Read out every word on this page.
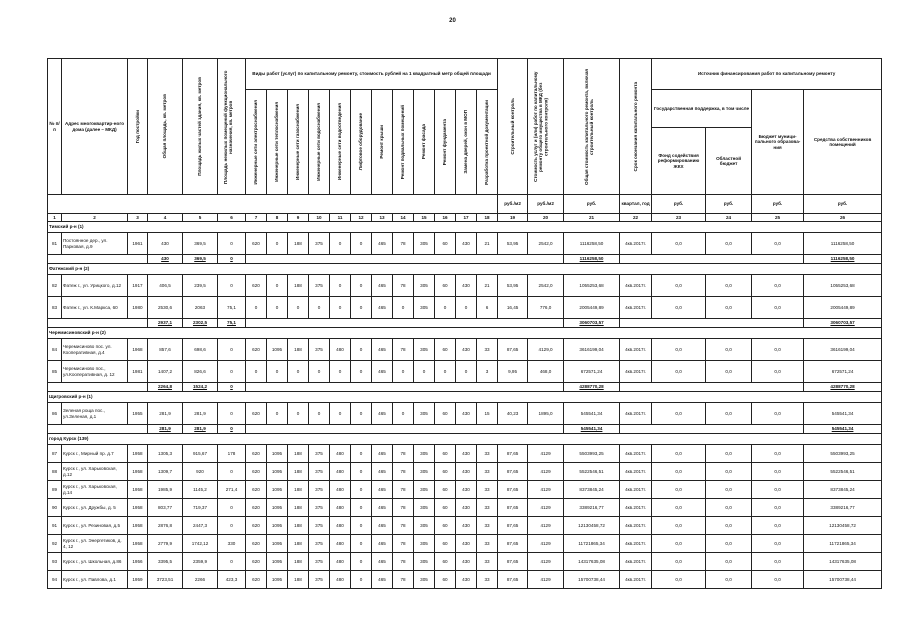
20
№ п/п	Адрес многоквартир-ного дома (далее – МКД)	Год постройки	Общая площадь, кв. метров	Площадь жилых частей здания, кв. метров	Площадь нежилых помещений функционального назначения, кв. метров	Виды работ (услуг) по капитальному ремонту, стоимость рублей на 1 квадратный метр общей площади												Строительный контроль	Стоимость услуг и (или) работ по капитальному ремонту общего имущества в МКД (без строительного контроля)	Общая стоимость капитального ремонта, включая строительный контроль	Срок окончания капитального ремонта	Источник финансирования работ по капитальному ремонту			

						Инженерные сети электроснабжения	Инженерные сети теплоснабжения	Инженерные сети газоснабжения	Инженерные сети водоснабжения	Инженерные сети водоотведения	Лифтовое оборудование	Ремонт крыши	Ремонт подвальных помещений	Ремонт фасада	Ремонт фундамента	Замена дверей, окон в МОП	Разработка проектной документации					Государственная поддержка, в том числе		Бюджет муници-пального образова-ния	Средства собственников помещений
																						Фонд содействия реформированию ЖКХ	Областной бюджет		
																		руб./м2	руб./м2	руб.	квартал, год	руб.	руб.	руб.	руб.
1	2	3	4	5	6	7	8	9	10	11	12	13	14	15	16	17	18	19	20	21	22	23	24	25	26
Тимский р-н (1)																									
81	Постоянное дер., ул. Парковая, д.9	1961	430	369,5	0	620	0	188	375	0	0	465	78	305	60	430	21	53,95	2542,0	1116258,50	4кв.2017г.	0,0	0,0	0,0	1116258,50
			430	369,5	0															1116258,50					1116258,50
Фатежский р-н (2)																									
82	Фатеж г., ул. Урицкого, д.12	1917	406,5	239,5	0	620	0	188	375	0	0	465	78	305	60	430	21	53,95	2542,0	1055253,68	4кв.2017г.	0,0	0,0	0,0	1055253,68
83	Фатеж г., ул. К.Маркса, 60	1980	2530,6	2063	75,1	0	0	0	0	0	0	465	0	305	0	0	6	16,45	776,0	2005449,89	4кв.2017г.	0,0	0,0	0,0	2005449,89
			2937,1	2302,5	75,1															3060703,57					3060703,57
Черемисиновский р-н (2)																									
84	Черемисиново пос. ул. Кооперативная, д.4	1968	857,6	698,6	0	620	1095	188	375	480	0	465	78	305	60	430	33	87,65	4129,0	3616199,04	4кв.2017г.	0,0	0,0	0,0	3616199,04
85	Черемисиново пос., ул.Кооперативная, д. 12	1981	1407,2	826,6	0	0	0	0	0	0	0	465	0	0	0	0	3	9,95	468,0	672571,24	4кв.2017г.	0,0	0,0	0,0	672571,24
			2264,8	1524,2	0															4288770,28					4288770,28
Щигровский р-н (1)																									
86	Зеленая роща пос., ул.Зеленая, д.1	1955	281,9	281,9	0	620	0	0	0	0	0	465	0	305	60	430	15	40,23	1895,0	545541,34	4кв.2017г.	0,0	0,0	0,0	545541,34
			281,9	281,9	0															545541,34					545541,34
город Курск (139)																									
87	Курск г., Мирный пр. д.7	1958	1305,3	915,67	178	620	1095	188	375	480	0	465	78	305	60	430	33	87,65	4129	5503993,25	4кв.2017г.	0,0	0,0	0,0	5503993,25
88	Курск г., ул. Харьковская, д.12	1958	1309,7	920	0	620	1095	188	375	480	0	465	78	305	60	430	33	87,65	4129	5522546,51	4кв.2017г.	0,0	0,0	0,0	5522546,51
89	Курск г., ул. Харьковская, д.14	1958	1985,9	1145,2	271,4	620	1095	188	375	480	0	465	78	305	60	430	33	87,65	4129	8373845,24	4кв.2017г.	0,0	0,0	0,0	8373845,24
90	Курск г., ул. Дружбы, д. 5	1958	803,77	719,37	0	620	1095	188	375	480	0	465	78	305	60	430	33	87,65	4129	3389216,77	4кв.2017г.	0,0	0,0	0,0	3389216,77
91	Курск г., ул. Резиновая, д.5	1958	2876,8	2447,3	0	620	1095	188	375	480	0	465	78	305	60	430	33	87,65	4129	12130458,72	4кв.2017г.	0,0	0,0	0,0	12130458,72
92	Курск г., ул. Энергетиков, д. 4, 12	1958	2779,9	1742,12	330	620	1095	188	375	480	0	465	78	305	60	430	33	87,65	4129	11721865,34	4кв.2017г.	0,0	0,0	0,0	11721865,34
93	Курск г., ул. Школьная, д.86	1956	3395,5	2359,9	0	620	1095	188	375	480	0	465	78	305	60	430	33	87,65	4129	14317635,08	4кв.2017г.	0,0	0,0	0,0	14317635,08
94	Курск г., ул. Павлова, д.1	1959	3723,51	2266	423,3	620	1095	188	375	480	0	465	78	305	60	430	33	87,65	4129	15700738,44	4кв.2017г.	0,0	0,0	0,0	15700738,44
